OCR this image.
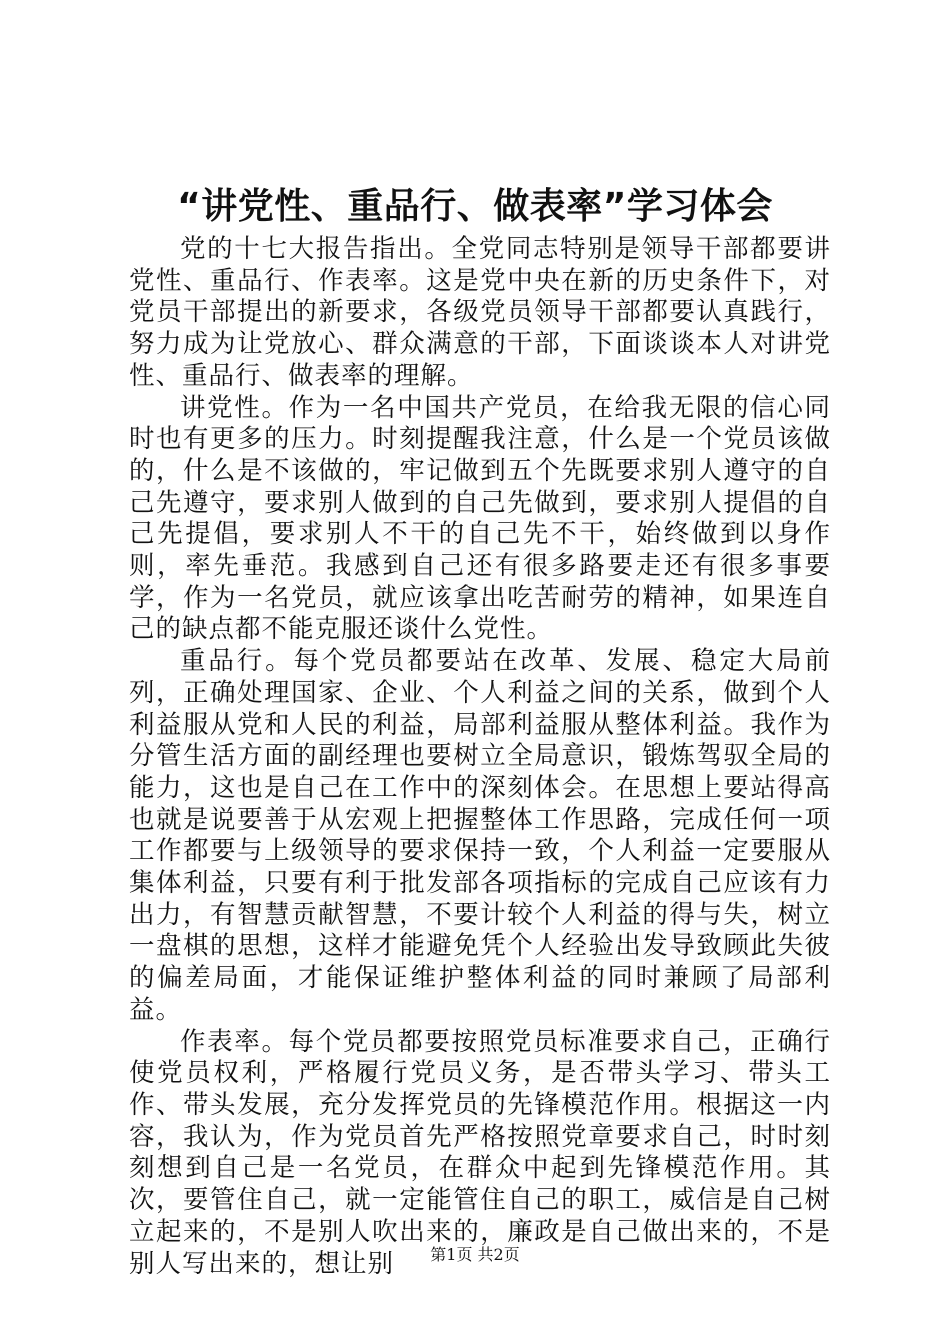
“讲党性、重品行、做表率”学习体会

党的十七大报告指出。全党同志特别是领导干部都要讲党性、重品行、作表率。这是党中央在新的历史条件下，对党员干部提出的新要求，各级党员领导干部都要认真践行，努力成为让党放心、群众满意的干部，下面谈谈本人对讲党性、重品行、做表率的理解。

讲党性。作为一名中国共产党员，在给我无限的信心同时也有更多的压力。时刻提醒我注意，什么是一个党员该做的，什么是不该做的，牢记做到五个先既要求别人遵守的自己先遵守，要求别人做到的自己先做到，要求别人提倡的自己先提倡，要求别人不干的自己先不干，始终做到以身作则，率先垂范。我感到自己还有很多路要走还有很多事要学，作为一名党员，就应该拿出吃苦耐劳的精神，如果连自己的缺点都不能克服还谈什么党性。

重品行。每个党员都要站在改革、发展、稳定大局前列，正确处理国家、企业、个人利益之间的关系，做到个人利益服从党和人民的利益，局部利益服从整体利益。我作为分管生活方面的副经理也要树立全局意识，锻炼驾驭全局的能力，这也是自己在工作中的深刻体会。在思想上要站得高也就是说要善于从宏观上把握整体工作思路，完成任何一项工作都要与上级领导的要求保持一致，个人利益一定要服从集体利益，只要有利于批发部各项指标的完成自己应该有力出力，有智慧贡献智慧，不要计较个人利益的得与失，树立一盘棋的思想，这样才能避免凭个人经验出发导致顾此失彼的偏差局面，才能保证维护整体利益的同时兼顾了局部利益。

作表率。每个党员都要按照党员标准要求自己，正确行使党员权利，严格履行党员义务，是否带头学习、带头工作、带头发展，充分发挥党员的先锋模范作用。根据这一内容，我认为，作为党员首先严格按照党章要求自己，时时刻刻想到自己是一名党员，在群众中起到先锋模范作用。其次，要管住自己，就一定能管住自己的职工，威信是自己树立起来的，不是别人吹出来的，廉政是自己做出来的，不是别人写出来的，想让别	第1页 共2页
